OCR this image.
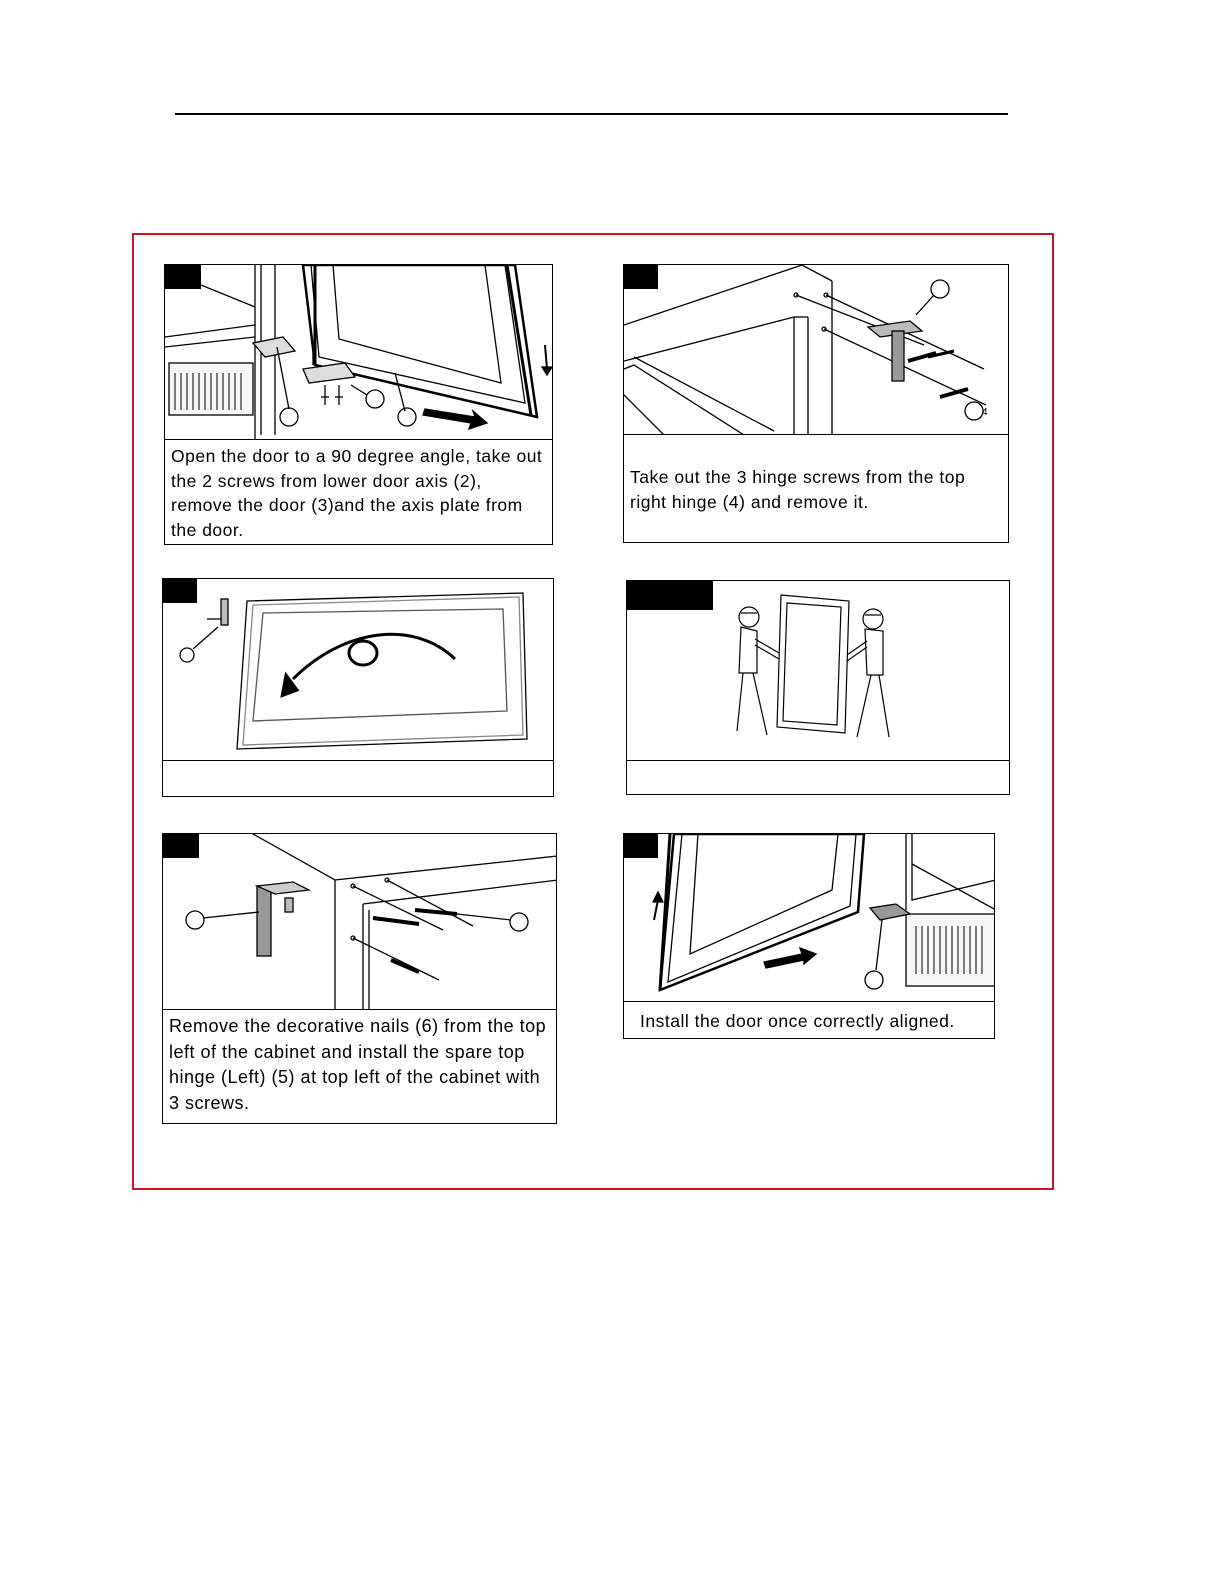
Open the door to a 90 degree angle, take out the 2 screws from lower door axis (2), remove the door (3)and the axis plate from the door.
4
Take out the 3 hinge screws from the top right hinge (4) and remove it.
Remove the decorative nails (6) from the top left of the cabinet and install the spare top hinge (Left) (5) at top left of the cabinet with 3 screws.
Install the door once correctly aligned.
